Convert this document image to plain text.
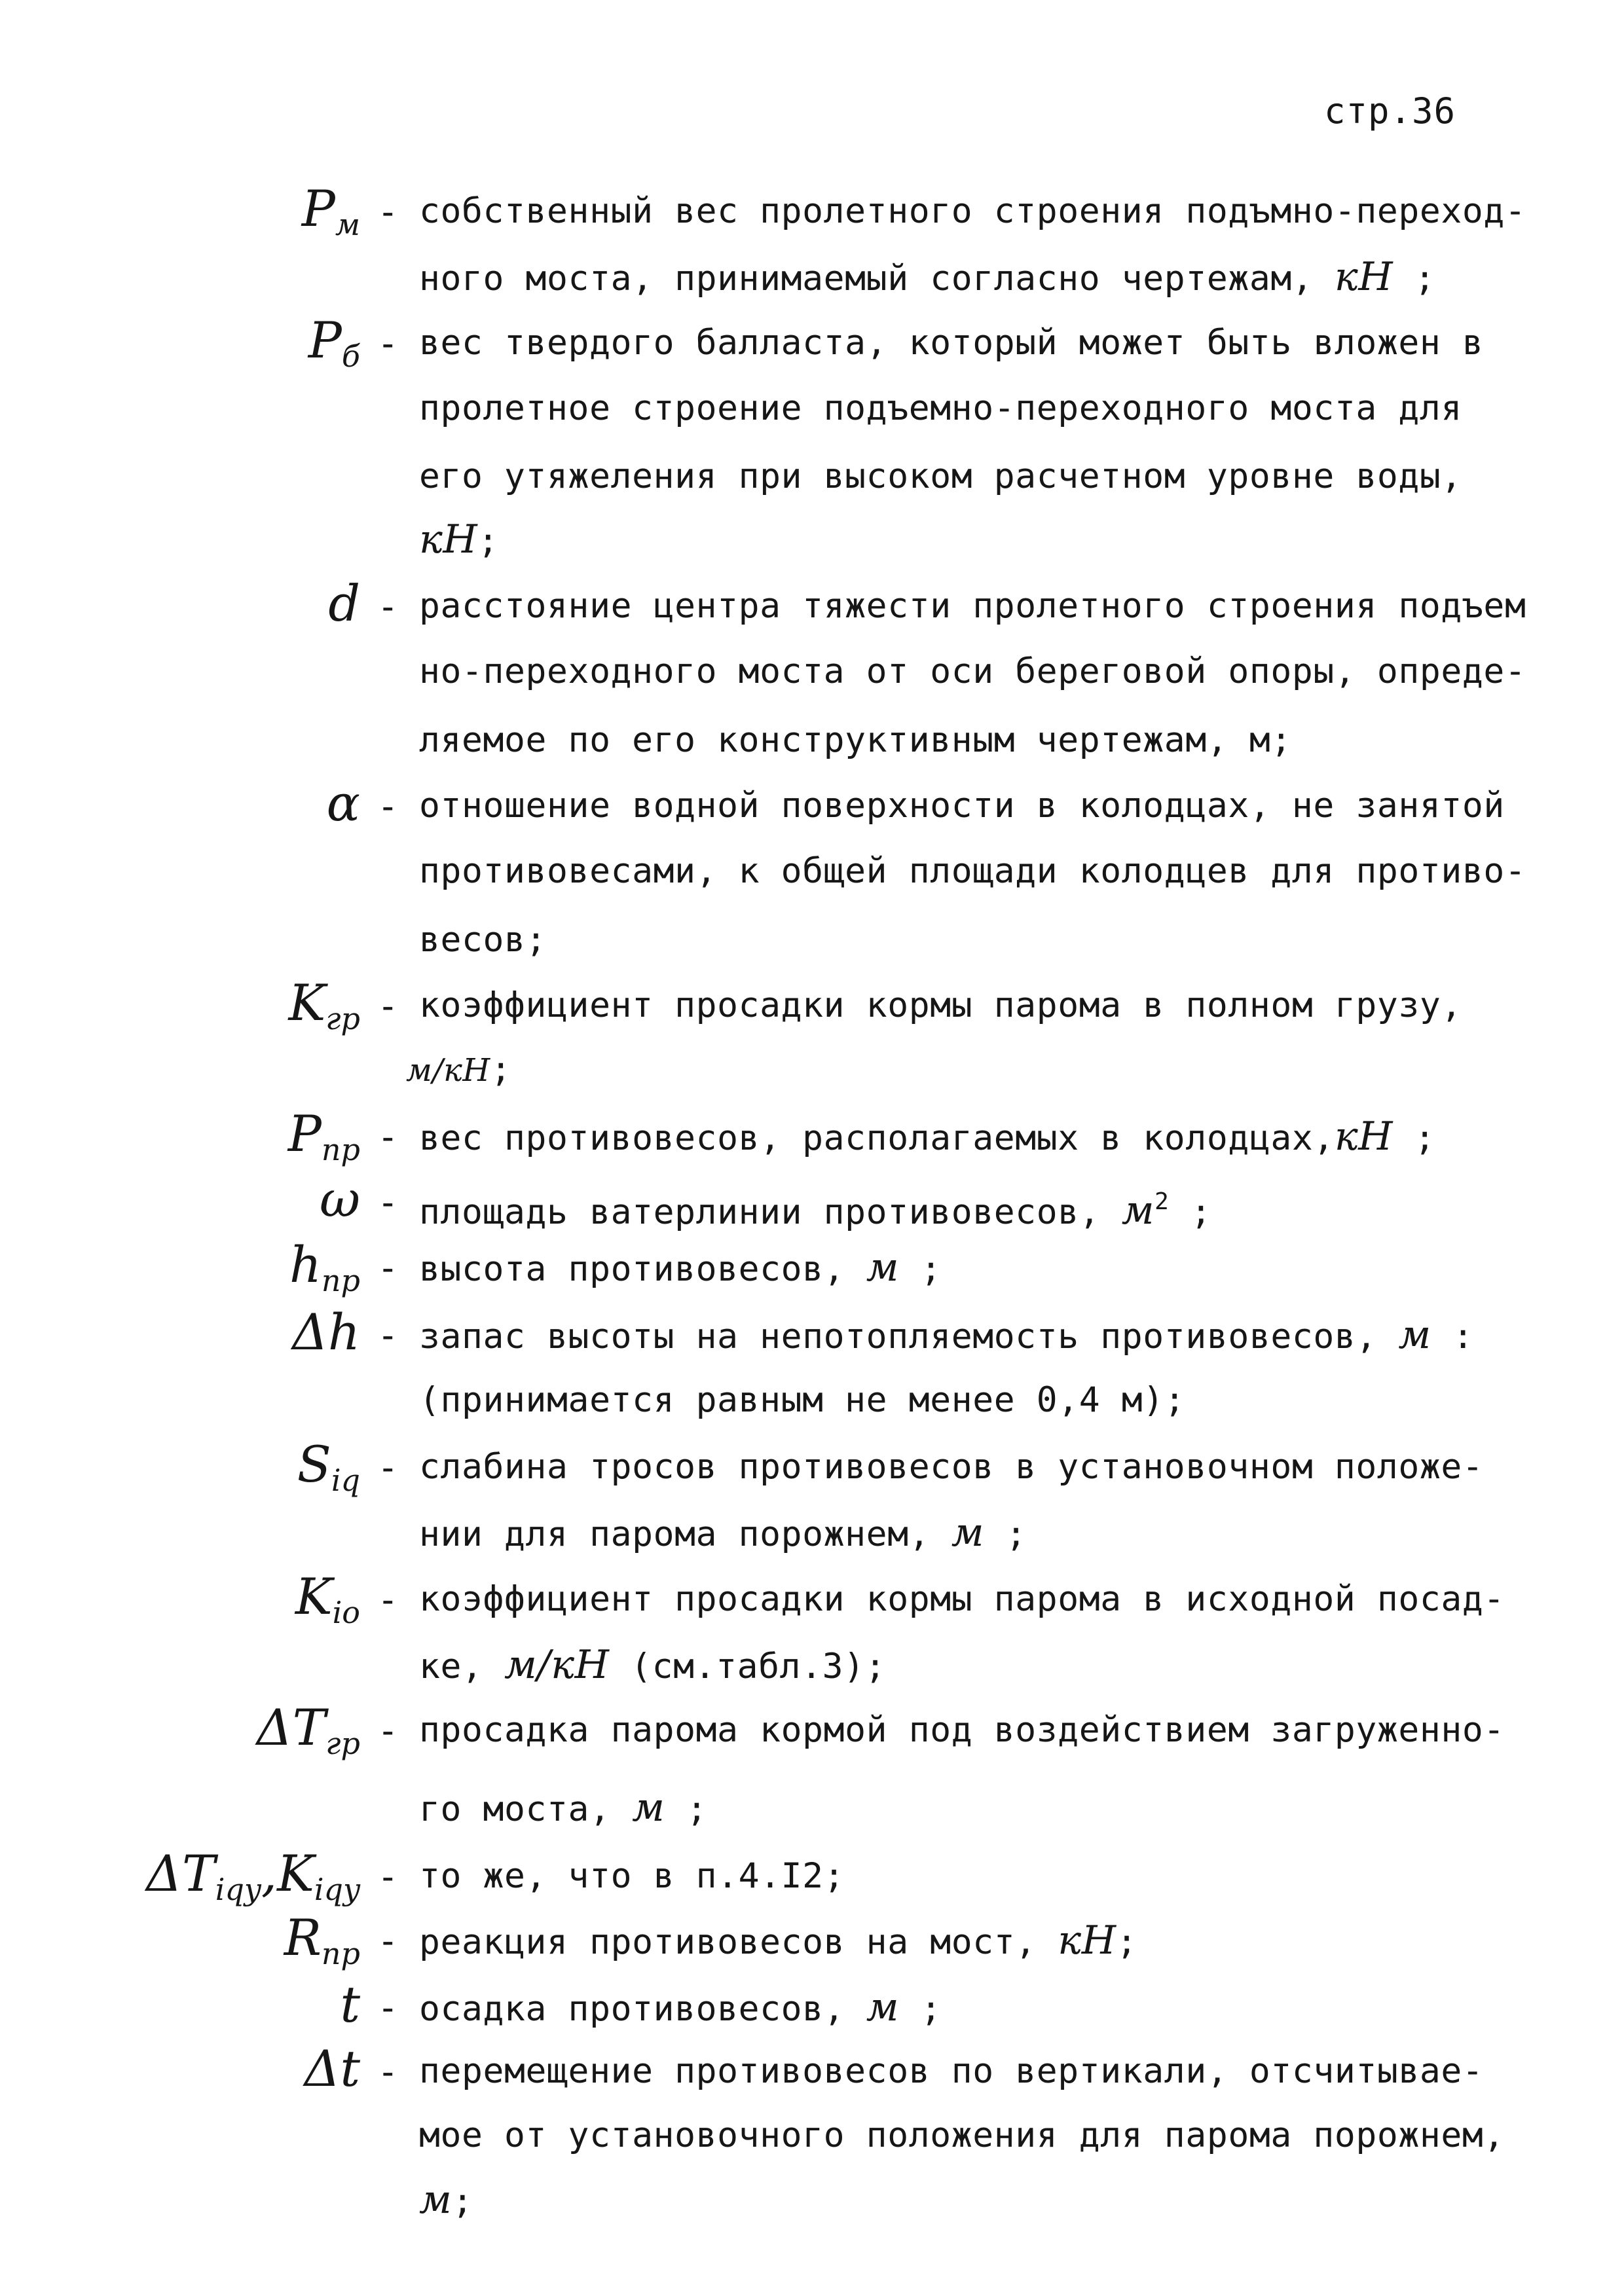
стр.36
$P_м$ - собственный вес пролетного строения подъмно-переход-
ного моста, принимаемый согласно чертежам, кН ;
$P_б$ - вес твердого балласта, который может быть вложен в
пролетное строение подъемно-переходного моста для
его утяжеления при высоком расчетном уровне воды,
кН;
d - расстояние центра тяжести пролетного строения подъем
но-переходного моста от оси береговой опоры, опреде-
ляемое по его конструктивным чертежам, м;
α - отношение водной поверхности в колодцах, не занятой
противовесами, к общей площади колодцев для противо-
весов;
$K_{гр}$ - коэффициент просадки кормы парома в полном грузу,
м/кН;
$P_{пр}$ - вес противовесов, располагаемых в колодцах,кН ;
ω - площадь ватерлинии противовесов, $м^2$ ;
$h_{пр}$ - высота противовесов, м ;
Δh - запас высоты на непотопляемость противовесов, м :
(принимается равным не менее 0,4 м);
$S_{iq}$ - слабина тросов противовесов в установочном положе-
нии для парома порожнем, м ;
$K_{iо}$ - коэффициент просадки кормы парома в исходной посад-
ке, м/кН (см.табл.3);
$\Delta T_{гр}$ - просадка парома кормой под воздействием загруженно-
го моста, м ;
$\Delta T_{iqy},K_{iqy}$ - то же, что в п.4.I2;
$R_{пр}$ - реакция противовесов на мост, кН;
t - осадка противовесов, м ;
Δt - перемещение противовесов по вертикали, отсчитывае-
мое от установочного положения для парома порожнем,
м;
